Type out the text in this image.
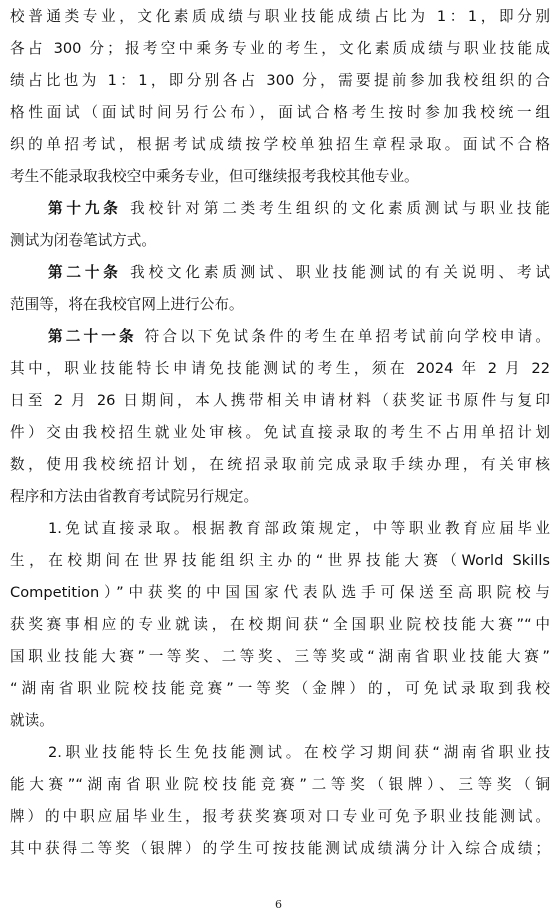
校普通类专业，文化素质成绩与职业技能成绩占比为 1：1，即分别
各占 300 分；报考空中乘务专业的考生，文化素质成绩与职业技能成
绩占比也为 1：1，即分别各占 300 分，需要提前参加我校组织的合
格性面试（面试时间另行公布），面试合格考生按时参加我校统一组
织的单招考试，根据考试成绩按学校单独招生章程录取。面试不合格
考生不能录取我校空中乘务专业，但可继续报考我校其他专业。
第十九条 我校针对第二类考生组织的文化素质测试与职业技能
测试为闭卷笔试方式。
第二十条 我校文化素质测试、职业技能测试的有关说明、考试
范围等，将在我校官网上进行公布。
第二十一条 符合以下免试条件的考生在单招考试前向学校申请。
其中，职业技能特长申请免技能测试的考生，须在 2024 年 2 月 22
日至 2 月 26 日期间，本人携带相关申请材料（获奖证书原件与复印
件）交由我校招生就业处审核。免试直接录取的考生不占用单招计划
数，使用我校统招计划，在统招录取前完成录取手续办理，有关审核
程序和方法由省教育考试院另行规定。
1.免试直接录取。根据教育部政策规定，中等职业教育应届毕业
生，在校期间在世界技能组织主办的“世界技能大赛（World Skills
Competition）”中获奖的中国国家代表队选手可保送至高职院校与
获奖赛事相应的专业就读，在校期间获“全国职业院校技能大赛”“中
国职业技能大赛”一等奖、二等奖、三等奖或“湖南省职业技能大赛”
“湖南省职业院校技能竞赛”一等奖（金牌）的，可免试录取到我校
就读。
2.职业技能特长生免技能测试。在校学习期间获“湖南省职业技
能大赛”“湖南省职业院校技能竞赛”二等奖（银牌）、三等奖（铜
牌）的中职应届毕业生，报考获奖赛项对口专业可免予职业技能测试。
其中获得二等奖（银牌）的学生可按技能测试成绩满分计入综合成绩；
6
